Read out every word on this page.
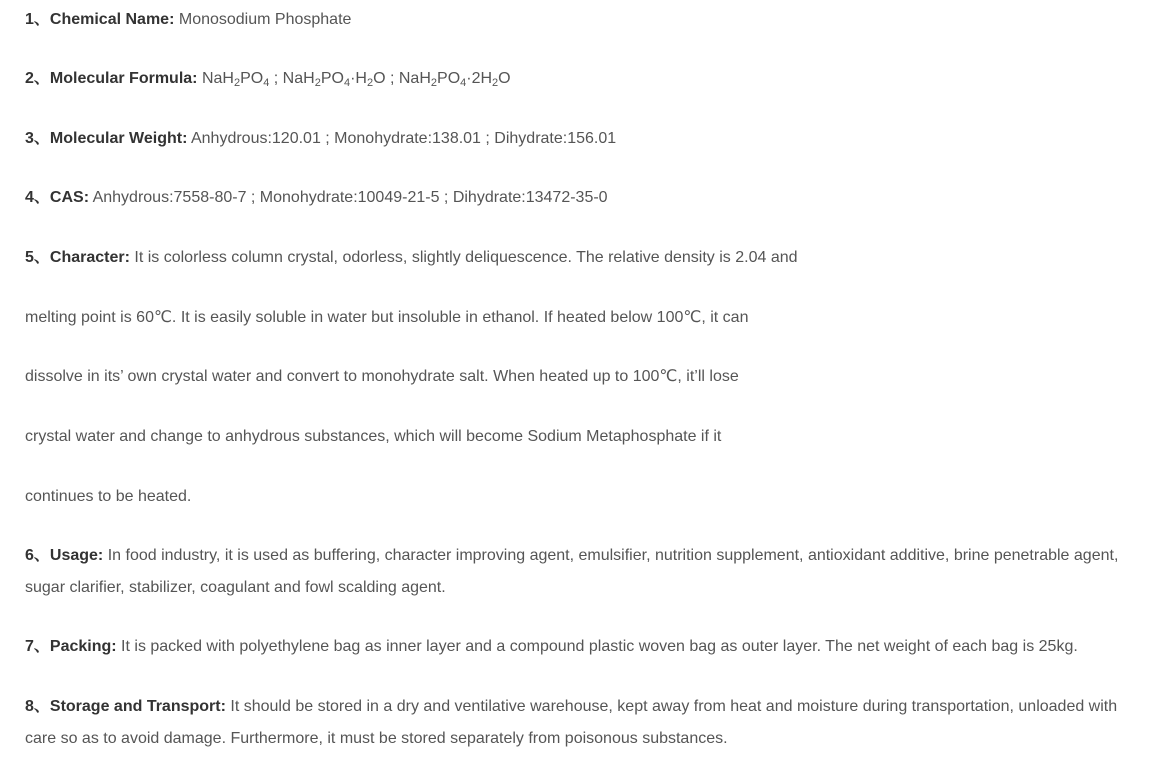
1、Chemical Name: Monosodium Phosphate
2、Molecular Formula: $NaH_2PO_4$ ; $NaH_2PO_4\cdot H_2O$ ; $NaH_2PO_4\cdot 2H_2O$
3、Molecular Weight: Anhydrous:120.01 ; Monohydrate:138.01 ; Dihydrate:156.01
4、CAS: Anhydrous:7558-80-7 ; Monohydrate:10049-21-5 ; Dihydrate:13472-35-0
5、Character: It is colorless column crystal, odorless, slightly deliquescence. The relative density is 2.04 and
melting point is 60℃. It is easily soluble in water but insoluble in ethanol. If heated below 100℃, it can
dissolve in its’ own crystal water and convert to monohydrate salt. When heated up to 100℃, it’ll lose
crystal water and change to anhydrous substances, which will become Sodium Metaphosphate if it
continues to be heated.
6、Usage: In food industry, it is used as buffering, character improving agent, emulsifier, nutrition supplement, antioxidant additive, brine penetrable agent,
sugar clarifier, stabilizer, coagulant and fowl scalding agent.
7、Packing: It is packed with polyethylene bag as inner layer and a compound plastic woven bag as outer layer. The net weight of each bag is 25kg.
8、Storage and Transport: It should be stored in a dry and ventilative warehouse, kept away from heat and moisture during transportation, unloaded with
care so as to avoid damage. Furthermore, it must be stored separately from poisonous substances.
